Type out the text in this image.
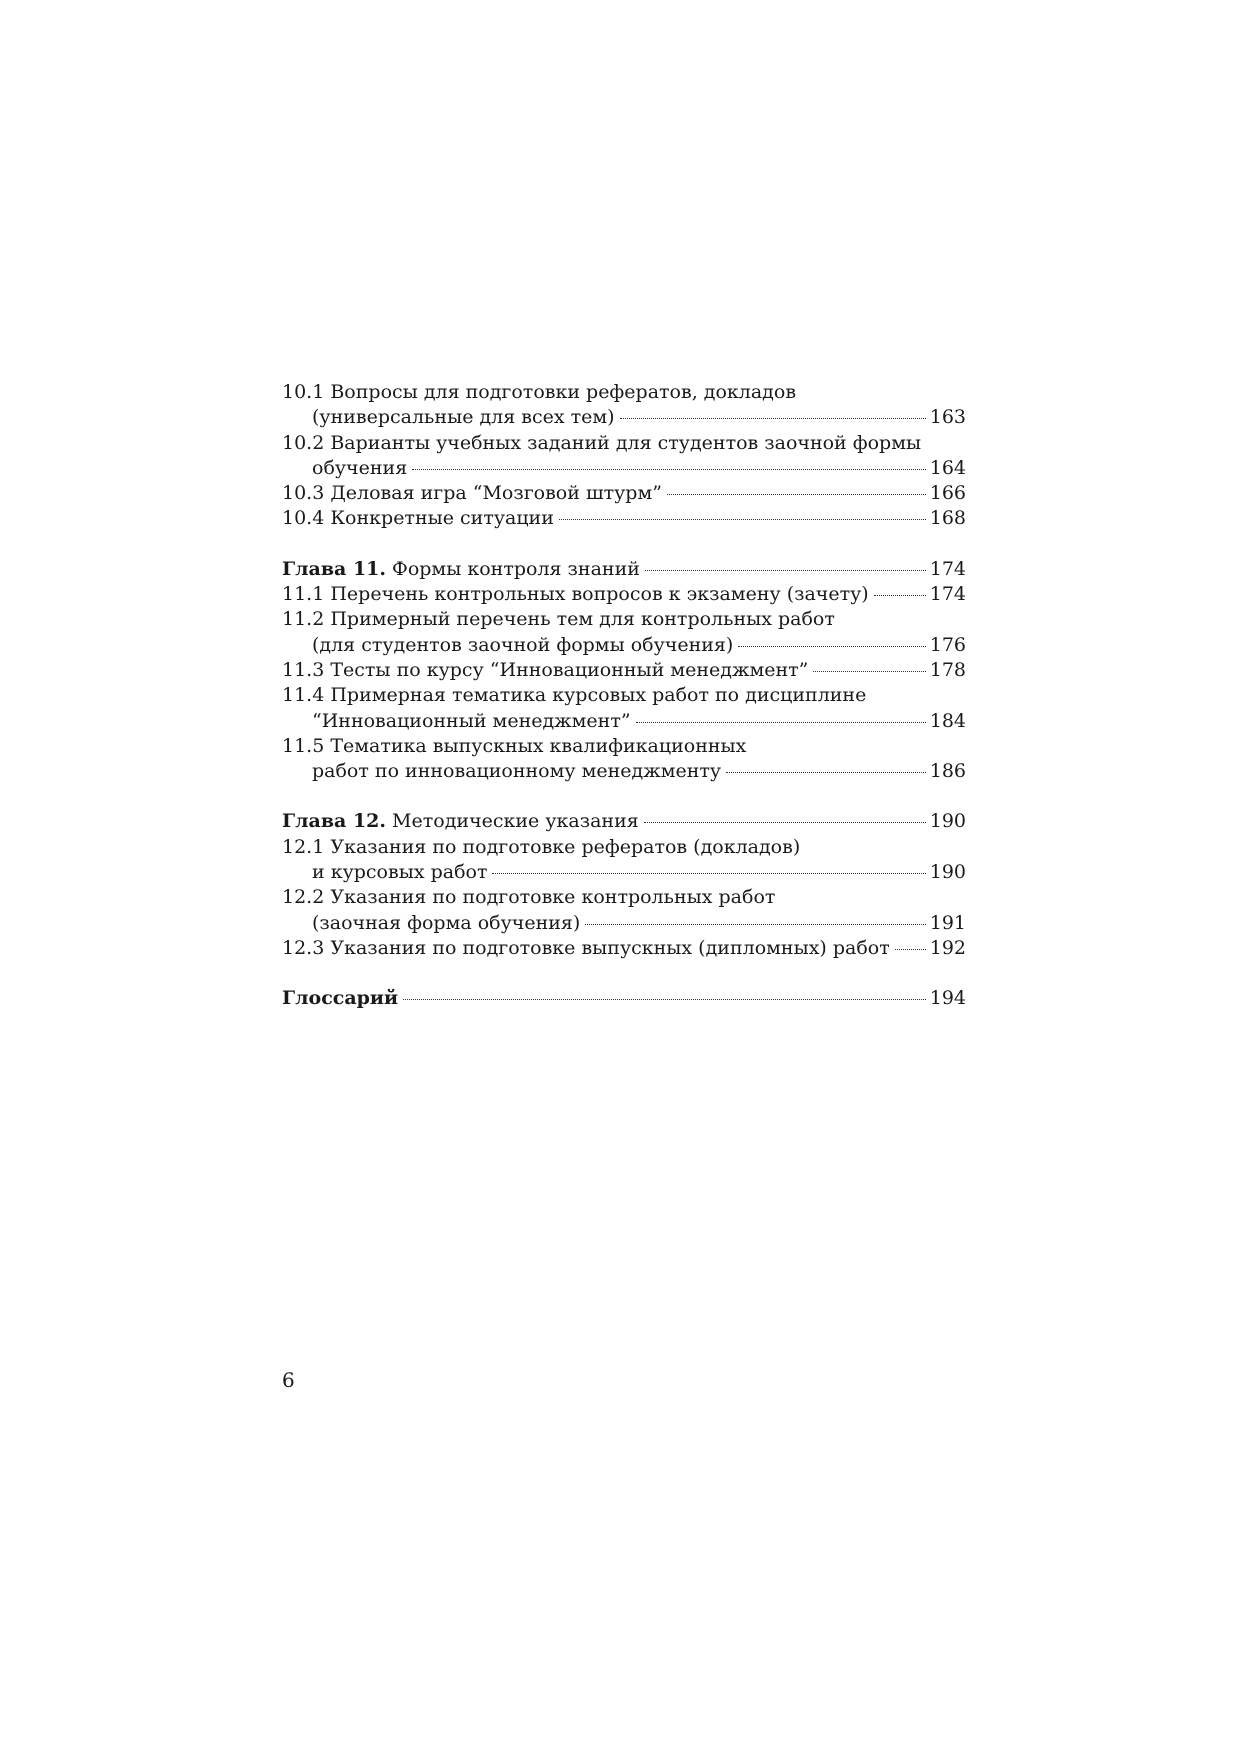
10.1 Вопросы для подготовки рефератов, докладов
(универсальные для всех тем)	163
10.2 Варианты учебных заданий для студентов заочной формы
обучения	164
10.3 Деловая игра “Мозговой штурм”	166
10.4 Конкретные ситуации	168
Глава 11. Формы контроля знаний	174
11.1 Перечень контрольных вопросов к экзамену (зачету)	174
11.2 Примерный перечень тем для контрольных работ
(для студентов заочной формы обучения)	176
11.3 Тесты по курсу “Инновационный менеджмент”	178
11.4 Примерная тематика курсовых работ по дисциплине
“Инновационный менеджмент”	184
11.5 Тематика выпускных квалификационных
работ по инновационному менеджменту	186
Глава 12. Методические указания	190
12.1 Указания по подготовке рефератов (докладов)
и курсовых работ	190
12.2 Указания по подготовке контрольных работ
(заочная форма обучения)	191
12.3 Указания по подготовке выпускных (дипломных) работ 192
Глоссарий	194
6
